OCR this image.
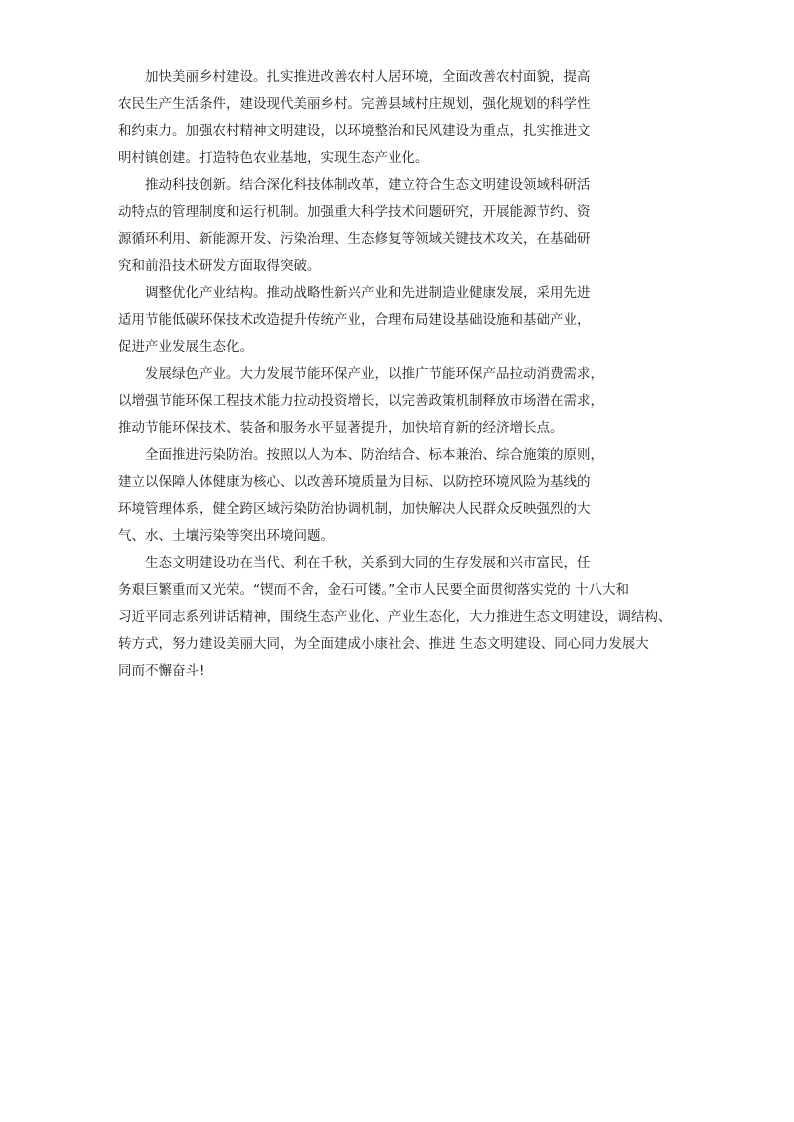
加快美丽乡村建设。扎实推进改善农村人居环境，全面改善农村面貌，提高
农民生产生活条件，建设现代美丽乡村。完善县域村庄规划，强化规划的科学性
和约束力。加强农村精神文明建设，以环境整治和民风建设为重点，扎实推进文
明村镇创建。打造特色农业基地，实现生态产业化。
推动科技创新。结合深化科技体制改革，建立符合生态文明建设领域科研活
动特点的管理制度和运行机制。加强重大科学技术问题研究，开展能源节约、资
源循环利用、新能源开发、污染治理、生态修复等领域关键技术攻关，在基础研
究和前沿技术研发方面取得突破。
调整优化产业结构。推动战略性新兴产业和先进制造业健康发展，采用先进
适用节能低碳环保技术改造提升传统产业，合理布局建设基础设施和基础产业，
促进产业发展生态化。
发展绿色产业。大力发展节能环保产业，以推广节能环保产品拉动消费需求，
以增强节能环保工程技术能力拉动投资增长，以完善政策机制释放市场潜在需求，
推动节能环保技术、装备和服务水平显著提升，加快培育新的经济增长点。
全面推进污染防治。按照以人为本、防治结合、标本兼治、综合施策的原则，
建立以保障人体健康为核心、以改善环境质量为目标、以防控环境风险为基线的
环境管理体系，健全跨区域污染防治协调机制，加快解决人民群众反映强烈的大
气、水、土壤污染等突出环境问题。
生态文明建设功在当代、利在千秋，关系到大同的生存发展和兴市富民，任
务艰巨繁重而又光荣。“锲而不舍，金石可镂。”全市人民要全面贯彻落实党的 十八大和
习近平同志系列讲话精神，围绕生态产业化、产业生态化，大力推进生态文明建设，调结构、
转方式，努力建设美丽大同，为全面建成小康社会、推进 生态文明建设、同心同力发展大
同而不懈奋斗!
